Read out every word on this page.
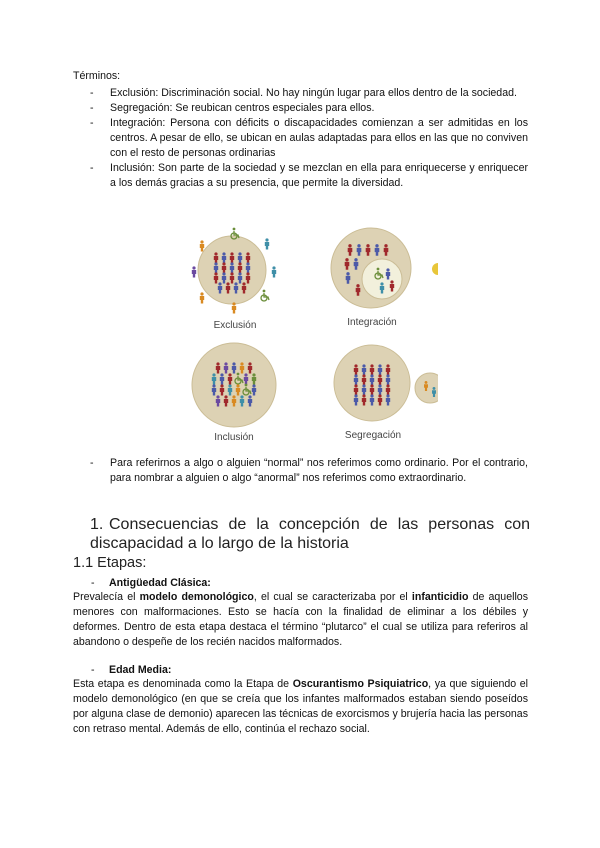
Términos:
- Exclusión: Discriminación social. No hay ningún lugar para ellos dentro de la sociedad.
- Segregación: Se reubican centros especiales para ellos.
- Integración: Persona con déficits o discapacidades comienzan a ser admitidas en los centros. A pesar de ello, se ubican en aulas adaptadas para ellos en las que no conviven con el resto de personas ordinarias
- Inclusión: Son parte de la sociedad y se mezclan en ella para enriquecerse y enriquecer a los demás gracias a su presencia, que permite la diversidad.
Exclusión	Integración
Inclusión	Segregación
- Para referirnos a algo o alguien “normal” nos referimos como ordinario. Por el contrario, para nombrar a alguien o algo “anormal” nos referimos como extraordinario.
1. Consecuencias de la concepción de las personas con discapacidad a lo largo de la historia
1.1 Etapas:
- Antigüedad Clásica:
Prevalecía el modelo demonológico, el cual se caracterizaba por el infanticidio de aquellos menores con malformaciones. Esto se hacía con la finalidad de eliminar a los débiles y deformes. Dentro de esta etapa destaca el término “plutarco” el cual se utiliza para referiros al abandono o despeñe de los recién nacidos malformados.
- Edad Media:
Esta etapa es denominada como la Etapa de Oscurantismo Psiquiatrico, ya que siguiendo el modelo demonológico (en que se creía que los infantes malformados estaban siendo poseídos por alguna clase de demonio) aparecen las técnicas de exorcismos y brujería hacia las personas con retraso mental. Además de ello, continúa el rechazo social.
